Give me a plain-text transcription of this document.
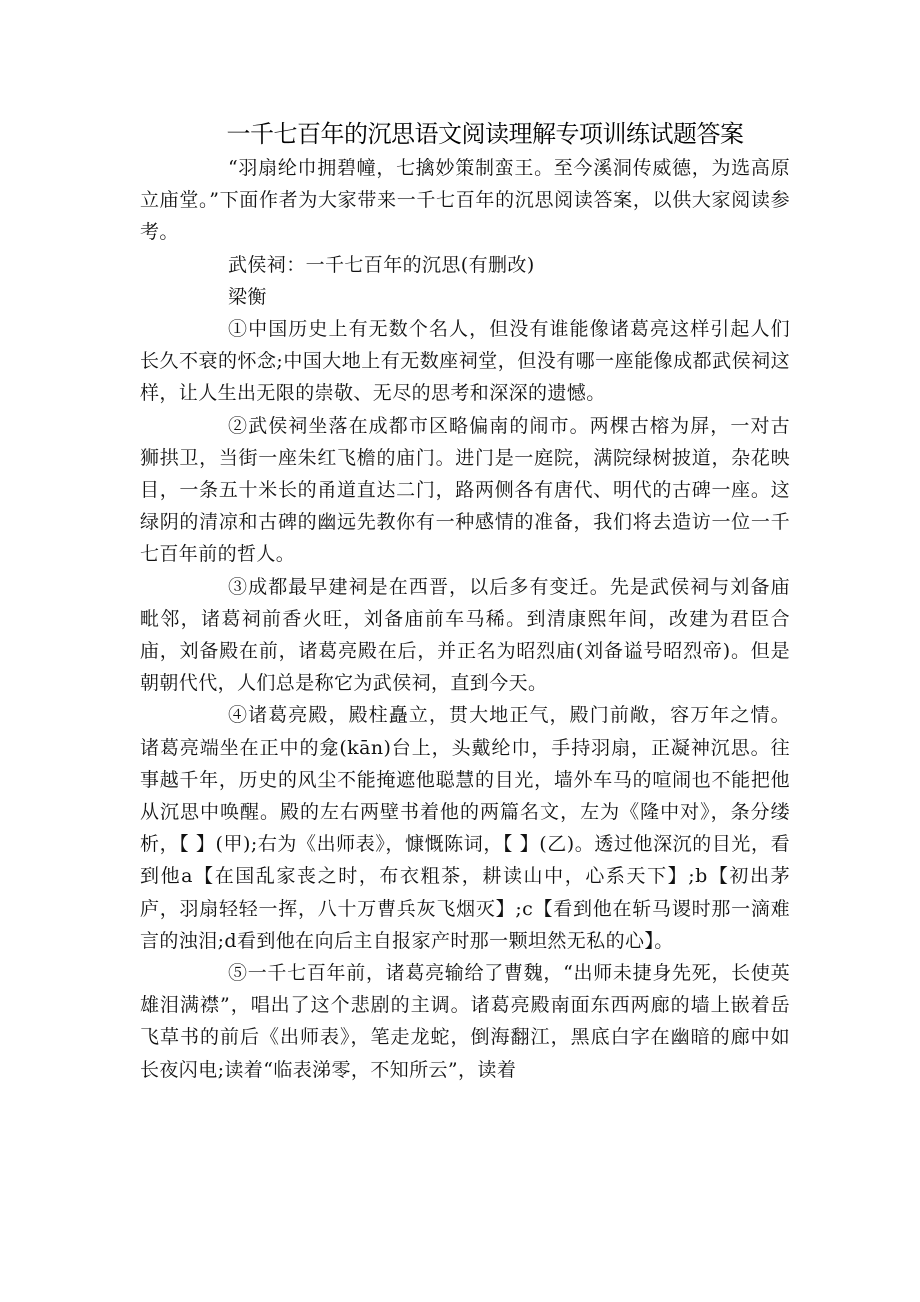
一千七百年的沉思语文阅读理解专项训练试题答案

“羽扇纶巾拥碧幢，七擒妙策制蛮王。至今溪洞传威德，为选高原立庙堂。”下面作者为大家带来一千七百年的沉思阅读答案，以供大家阅读参考。

武侯祠：一千七百年的沉思(有删改)

梁衡

①中国历史上有无数个名人，但没有谁能像诸葛亮这样引起人们长久不衰的怀念;中国大地上有无数座祠堂，但没有哪一座能像成都武侯祠这样，让人生出无限的崇敬、无尽的思考和深深的遗憾。

②武侯祠坐落在成都市区略偏南的闹市。两棵古榕为屏，一对古狮拱卫，当街一座朱红飞檐的庙门。进门是一庭院，满院绿树披道，杂花映目，一条五十米长的甬道直达二门，路两侧各有唐代、明代的古碑一座。这绿阴的清凉和古碑的幽远先教你有一种感情的准备，我们将去造访一位一千七百年前的哲人。

③成都最早建祠是在西晋，以后多有变迁。先是武侯祠与刘备庙毗邻，诸葛祠前香火旺，刘备庙前车马稀。到清康熙年间，改建为君臣合庙，刘备殿在前，诸葛亮殿在后，并正名为昭烈庙(刘备谥号昭烈帝)。但是朝朝代代，人们总是称它为武侯祠，直到今天。

④诸葛亮殿，殿柱矗立，贯大地正气，殿门前敞，容万年之情。诸葛亮端坐在正中的龛(kān)台上，头戴纶巾，手持羽扇，正凝神沉思。往事越千年，历史的风尘不能掩遮他聪慧的目光，墙外车马的喧闹也不能把他从沉思中唤醒。殿的左右两壁书着他的两篇名文，左为《隆中对》，条分缕析，【 】(甲);右为《出师表》，慷慨陈词，【 】(乙)。透过他深沉的目光，看到他a【在国乱家丧之时，布衣粗茶，耕读山中，心系天下】;b【初出茅庐，羽扇轻轻一挥，八十万曹兵灰飞烟灭】;c【看到他在斩马谡时那一滴难言的浊泪;d看到他在向后主自报家产时那一颗坦然无私的心】。

⑤一千七百年前，诸葛亮输给了曹魏，“出师未捷身先死，长使英雄泪满襟”，唱出了这个悲剧的主调。诸葛亮殿南面东西两廊的墙上嵌着岳飞草书的前后《出师表》，笔走龙蛇，倒海翻江，黑底白字在幽暗的廊中如长夜闪电;读着“临表涕零，不知所云”，读着
